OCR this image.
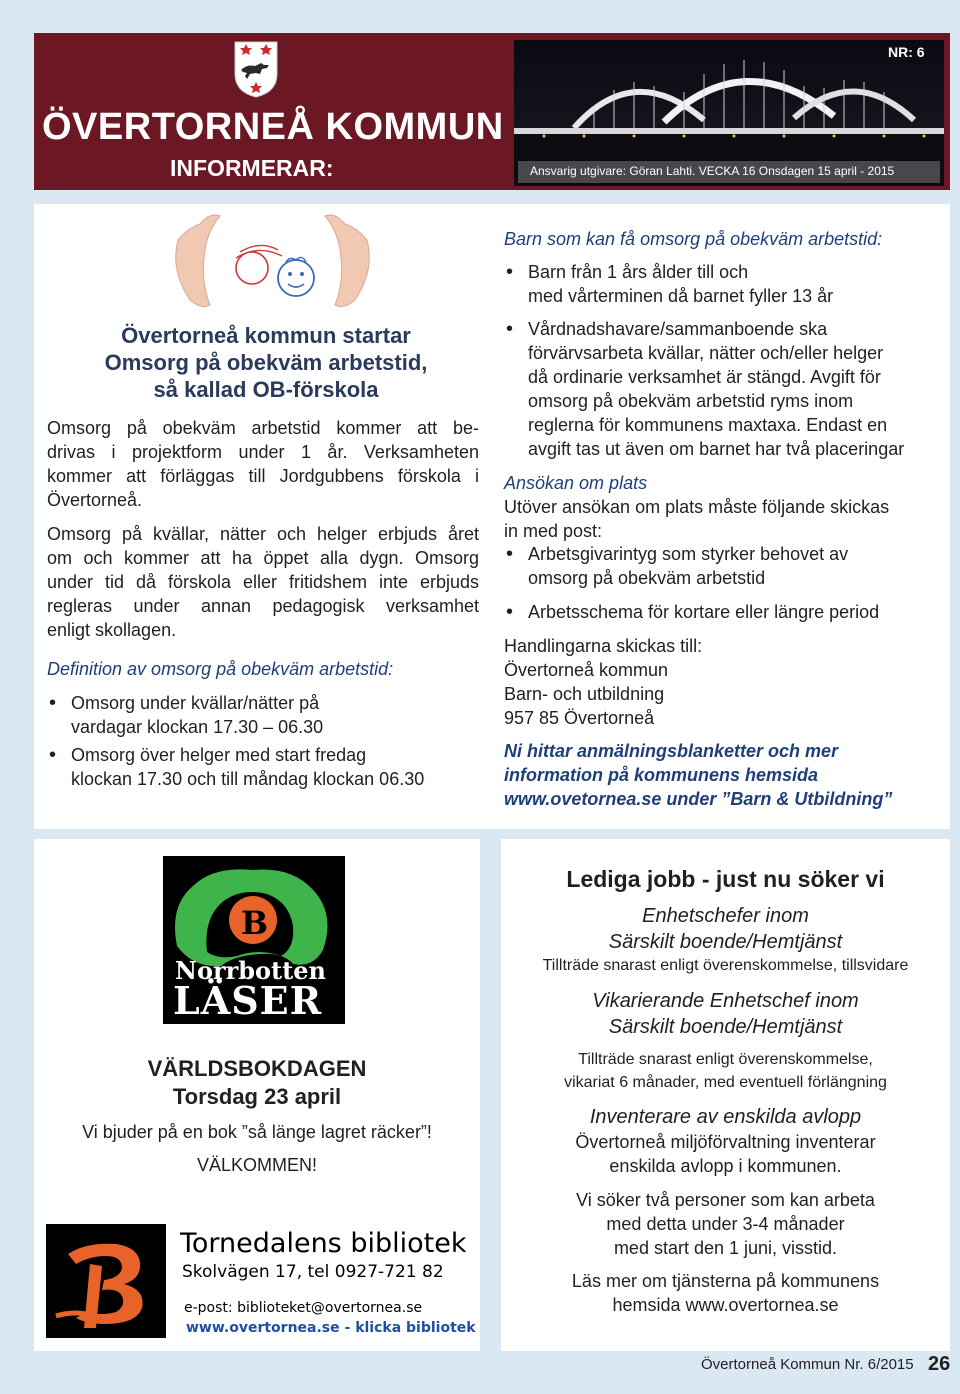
ÖVERTORNEÅ KOMMUN
INFORMERAR:
NR: 6
Ansvarig utgivare: Göran Lahti. VECKA 16 Onsdagen 15 april - 2015
Övertorneå kommun startar
Omsorg på obekväm arbetstid,
så kallad OB-förskola
Omsorg på obekväm arbetstid kommer att be-
drivas i projektform under 1 år. Verksamheten
kommer att förläggas till Jordgubbens förskola i
Övertorneå.
Omsorg på kvällar, nätter och helger erbjuds året
om och kommer att ha öppet alla dygn. Omsorg
under tid då förskola eller fritidshem inte erbjuds
regleras under annan pedagogisk verksamhet
enligt skollagen.
Definition av omsorg på obekväm arbetstid:
• Omsorg under kvällar/nätter på
vardagar klockan 17.30 – 06.30
• Omsorg över helger med start fredag
klockan 17.30 och till måndag klockan 06.30
Barn som kan få omsorg på obekväm arbetstid:
• Barn från 1 års ålder till och
med vårterminen då barnet fyller 13 år
• Vårdnadshavare/sammanboende ska
förvärvsarbeta kvällar, nätter och/eller helger
då ordinarie verksamhet är stängd. Avgift för
omsorg på obekväm arbetstid ryms inom
reglerna för kommunens maxtaxa. Endast en
avgift tas ut även om barnet har två placeringar
Ansökan om plats
Utöver ansökan om plats måste följande skickas
in med post:
• Arbetsgivarintyg som styrker behovet av
omsorg på obekväm arbetstid
• Arbetsschema för kortare eller längre period
Handlingarna skickas till:
Övertorneå kommun
Barn- och utbildning
957 85 Övertorneå
Ni hittar anmälningsblanketter och mer
information på kommunens hemsida
www.ovetornea.se under ”Barn & Utbildning”
B
Norrbotten
LÄSER
VÄRLDSBOKDAGEN
Torsdag 23 april
Vi bjuder på en bok ”så länge lagret räcker”!
VÄLKOMMEN!
Tornedalens bibliotek
Skolvägen 17, tel 0927-721 82
e-post: biblioteket@overtornea.se
www.overtornea.se - klicka bibliotek
Lediga jobb - just nu söker vi
Enhetschefer inom
Särskilt boende/Hemtjänst
Tillträde snarast enligt överenskommelse, tillsvidare
Vikarierande Enhetschef inom
Särskilt boende/Hemtjänst
Tillträde snarast enligt överenskommelse,
vikariat 6 månader, med eventuell förlängning
Inventerare av enskilda avlopp
Övertorneå miljöförvaltning inventerar
enskilda avlopp i kommunen.
Vi söker två personer som kan arbeta
med detta under 3-4 månader
med start den 1 juni, visstid.
Läs mer om tjänsterna på kommunens
hemsida www.overtornea.se
Övertorneå Kommun Nr. 6/2015 26
